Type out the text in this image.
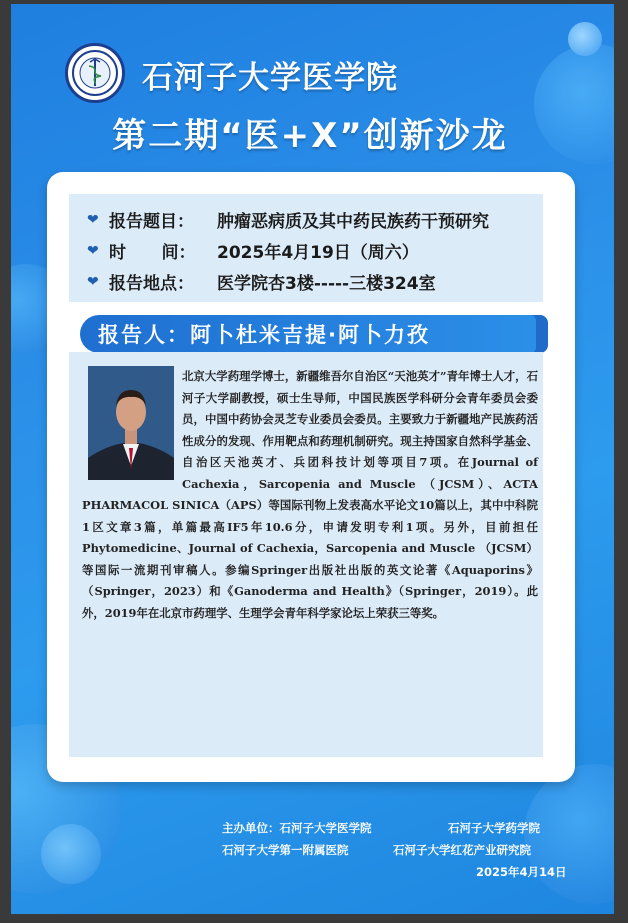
石河子大学医学院
第二期“医+X”创新沙龙
❤ 报告题目：	肿瘤恶病质及其中药民族药干预研究
❤ 时      间：	2025年4月19日（周六）
❤ 报告地点：	医学院杏3楼-----三楼324室
报告人：阿卜杜米吉提·阿卜力孜
北京大学药理学博士，新疆维吾尔自治区“天池英才”青年博士人才，石河子大学副教授，硕士生导师，中国民族医学科研分会青年委员会委员，中国中药协会灵芝专业委员会委员。主要致力于新疆地产民族药活性成分的发现、作用靶点和药理机制研究。现主持国家自然科学基金、自治区天池英才、兵团科技计划等项目7项。在Journal of Cachexia，Sarcopenia and Muscle （JCSM）、ACTA PHARMACOL SINICA（APS）等国际刊物上发表高水平论文10篇以上，其中中科院1区文章3篇，单篇最高IF5年10.6分，申请发明专利1项。另外，目前担任Phytomedicine、Journal of Cachexia，Sarcopenia and Muscle （JCSM）等国际一流期刊审稿人。参编Springer出版社出版的英文论著《Aquaporins》（Springer，2023）和《Ganoderma and Health》（Springer，2019）。此外，2019年在北京市药理学、生理学会青年科学家论坛上荣获三等奖。
主办单位：石河子大学医学院	石河子大学药学院
石河子大学第一附属医院	石河子大学红花产业研究院
2025年4月14日
